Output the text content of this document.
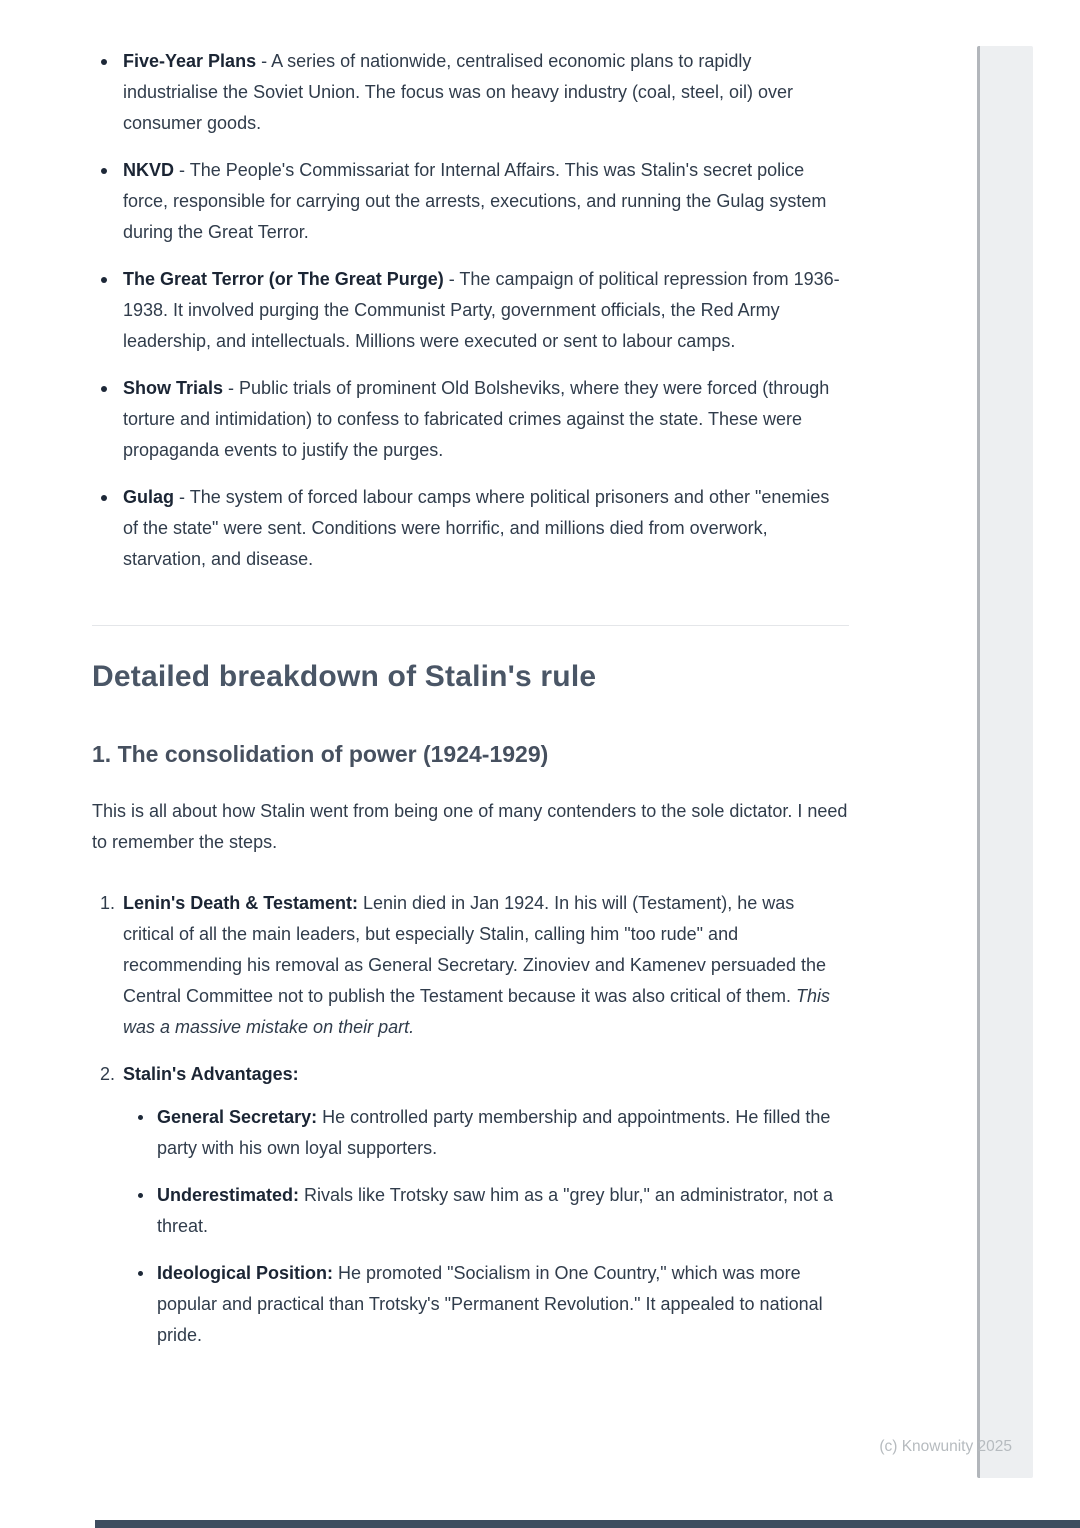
Five-Year Plans - A series of nationwide, centralised economic plans to rapidly industrialise the Soviet Union. The focus was on heavy industry (coal, steel, oil) over consumer goods.
NKVD - The People's Commissariat for Internal Affairs. This was Stalin's secret police force, responsible for carrying out the arrests, executions, and running the Gulag system during the Great Terror.
The Great Terror (or The Great Purge) - The campaign of political repression from 1936-1938. It involved purging the Communist Party, government officials, the Red Army leadership, and intellectuals. Millions were executed or sent to labour camps.
Show Trials - Public trials of prominent Old Bolsheviks, where they were forced (through torture and intimidation) to confess to fabricated crimes against the state. These were propaganda events to justify the purges.
Gulag - The system of forced labour camps where political prisoners and other "enemies of the state" were sent. Conditions were horrific, and millions died from overwork, starvation, and disease.
Detailed breakdown of Stalin's rule
1. The consolidation of power (1924-1929)

This is all about how Stalin went from being one of many contenders to the sole dictator. I need to remember the steps.

1. Lenin's Death & Testament: Lenin died in Jan 1924. In his will (Testament), he was critical of all the main leaders, but especially Stalin, calling him "too rude" and recommending his removal as General Secretary. Zinoviev and Kamenev persuaded the Central Committee not to publish the Testament because it was also critical of them. This was a massive mistake on their part.
2. Stalin's Advantages:
General Secretary: He controlled party membership and appointments. He filled the party with his own loyal supporters.
Underestimated: Rivals like Trotsky saw him as a "grey blur," an administrator, not a threat.
Ideological Position: He promoted "Socialism in One Country," which was more popular and practical than Trotsky's "Permanent Revolution." It appealed to national pride.
(c) Knowunity 2025
